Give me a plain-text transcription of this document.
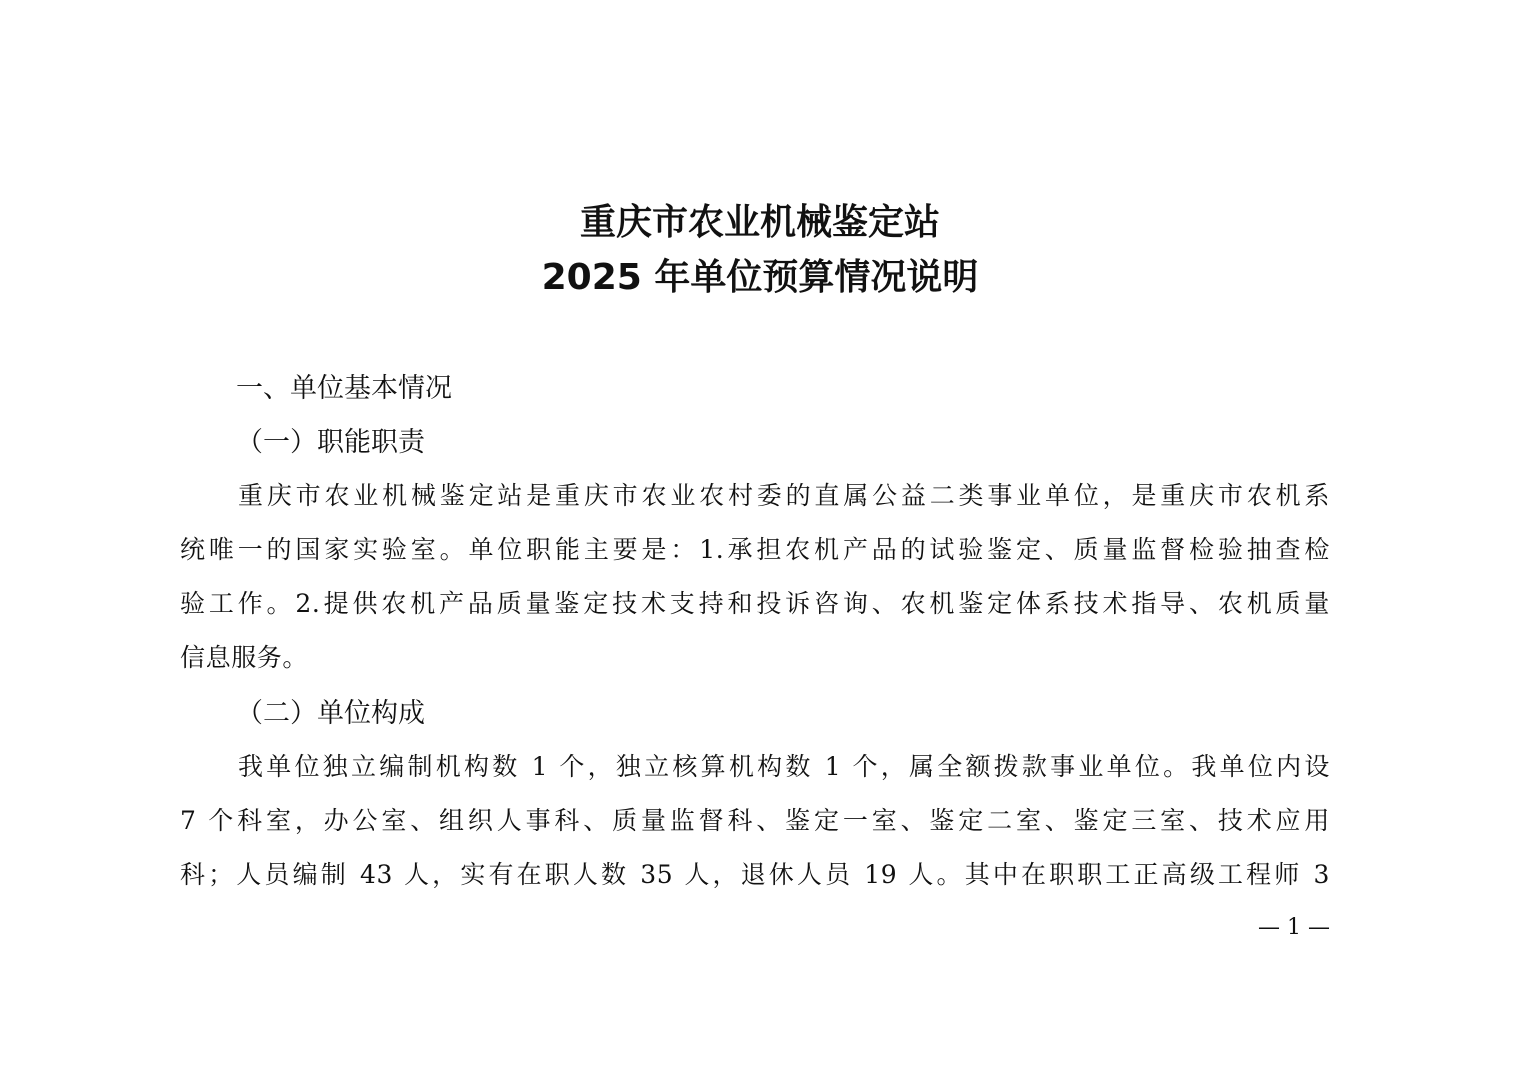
重庆市农业机械鉴定站
2025 年单位预算情况说明
一、单位基本情况
（一）职能职责
重庆市农业机械鉴定站是重庆市农业农村委的直属公益二类事业单位，是重庆市农机系
统唯一的国家实验室。单位职能主要是：1.承担农机产品的试验鉴定、质量监督检验抽查检
验工作。2.提供农机产品质量鉴定技术支持和投诉咨询、农机鉴定体系技术指导、农机质量
信息服务。
（二）单位构成
我单位独立编制机构数 1 个，独立核算机构数 1 个，属全额拨款事业单位。我单位内设
7 个科室，办公室、组织人事科、质量监督科、鉴定一室、鉴定二室、鉴定三室、技术应用
科；人员编制 43 人，实有在职人数 35 人，退休人员 19 人。其中在职职工正高级工程师 3
— 1 —
